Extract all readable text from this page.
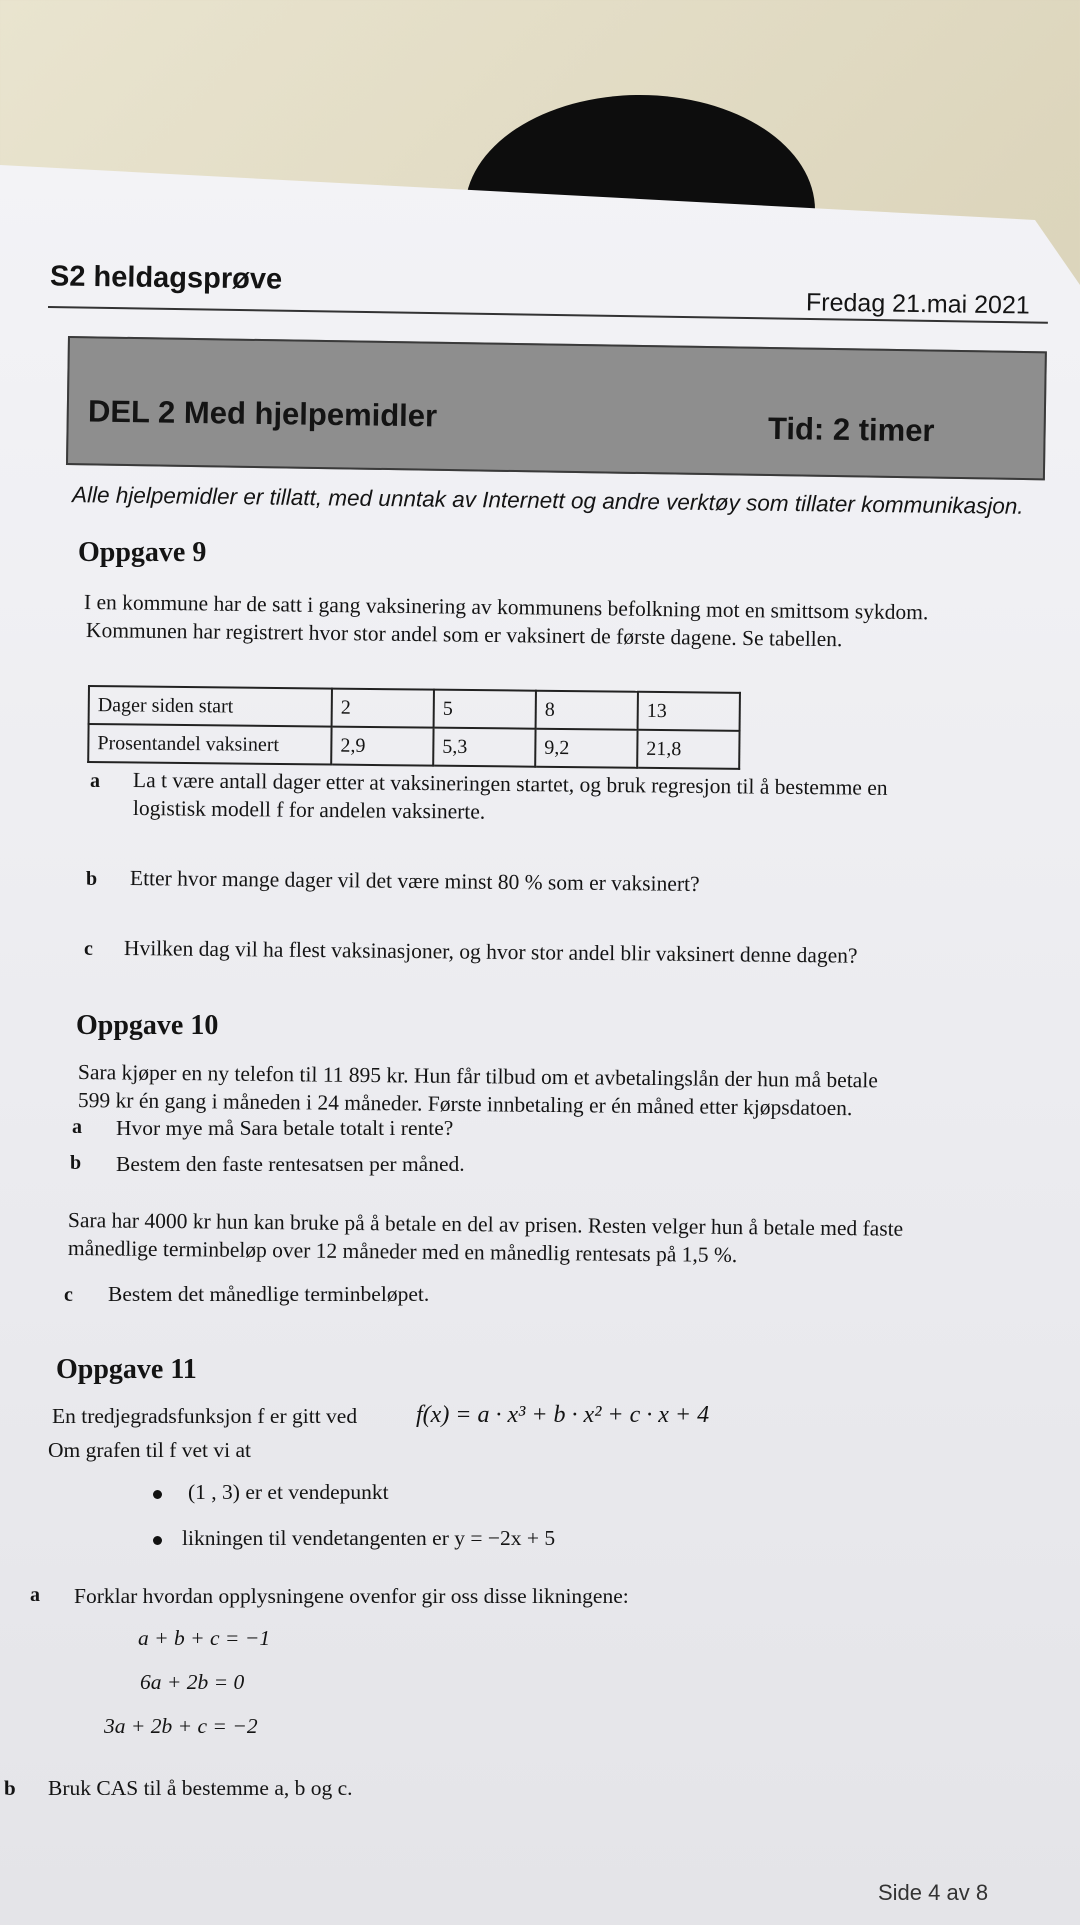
S2 heldagsprøve
Fredag 21.mai 2021
DEL 2 Med hjelpemidler	Tid: 2 timer
Alle hjelpemidler er tillatt, med unntak av Internett og andre verktøy som tillater kommunikasjon.
Oppgave 9
I en kommune har de satt i gang vaksinering av kommunens befolkning mot en smittsom sykdom.
Kommunen har registrert hvor stor andel som er vaksinert de første dagene. Se tabellen.
Dager siden start	2	5	8	13
Prosentandel vaksinert	2,9	5,3	9,2	21,8
a La t være antall dager etter at vaksineringen startet, og bruk regresjon til å bestemme en
logistisk modell f for andelen vaksinerte.
b Etter hvor mange dager vil det være minst 80 % som er vaksinert?
c Hvilken dag vil ha flest vaksinasjoner, og hvor stor andel blir vaksinert denne dagen?
Oppgave 10
Sara kjøper en ny telefon til 11 895 kr. Hun får tilbud om et avbetalingslån der hun må betale
599 kr én gang i måneden i 24 måneder. Første innbetaling er én måned etter kjøpsdatoen.
a Hvor mye må Sara betale totalt i rente?
b Bestem den faste rentesatsen per måned.
Sara har 4000 kr hun kan bruke på å betale en del av prisen. Resten velger hun å betale med faste
månedlige terminbeløp over 12 måneder med en månedlig rentesats på 1,5 %.
c Bestem det månedlige terminbeløpet.
Oppgave 11
En tredjegradsfunksjon f er gitt ved f(x) = a · x³ + b · x² + c · x + 4
Om grafen til f vet vi at
(1 , 3) er et vendepunkt
likningen til vendetangenten er y = −2x + 5
a Forklar hvordan opplysningene ovenfor gir oss disse likningene:
a + b + c = −1
6a + 2b = 0
3a + 2b + c = −2
b Bruk CAS til å bestemme a, b og c.
Side 4 av 8
